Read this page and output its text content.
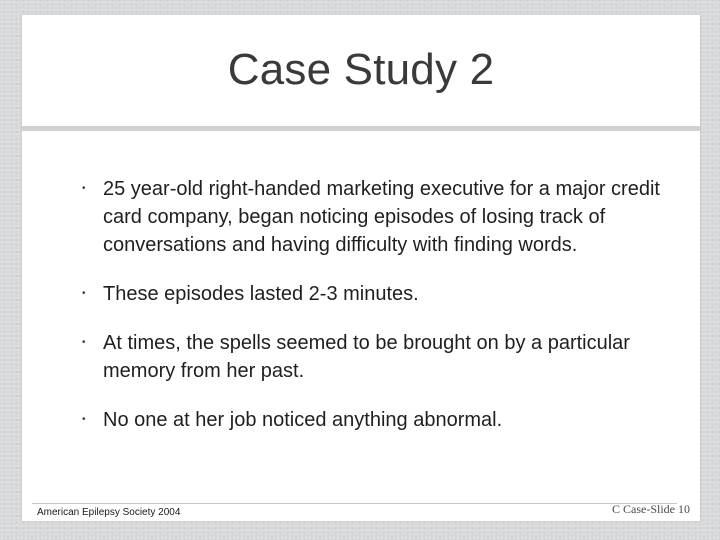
Case Study 2
• 25 year-old right-handed marketing executive for a major credit card company, began noticing episodes of losing track of conversations and having difficulty with finding words.
• These episodes lasted 2-3 minutes.
• At times, the spells seemed to be brought on by a particular memory from her past.
• No one at her job noticed anything abnormal.
American Epilepsy Society 2004	C Case-Slide 10
